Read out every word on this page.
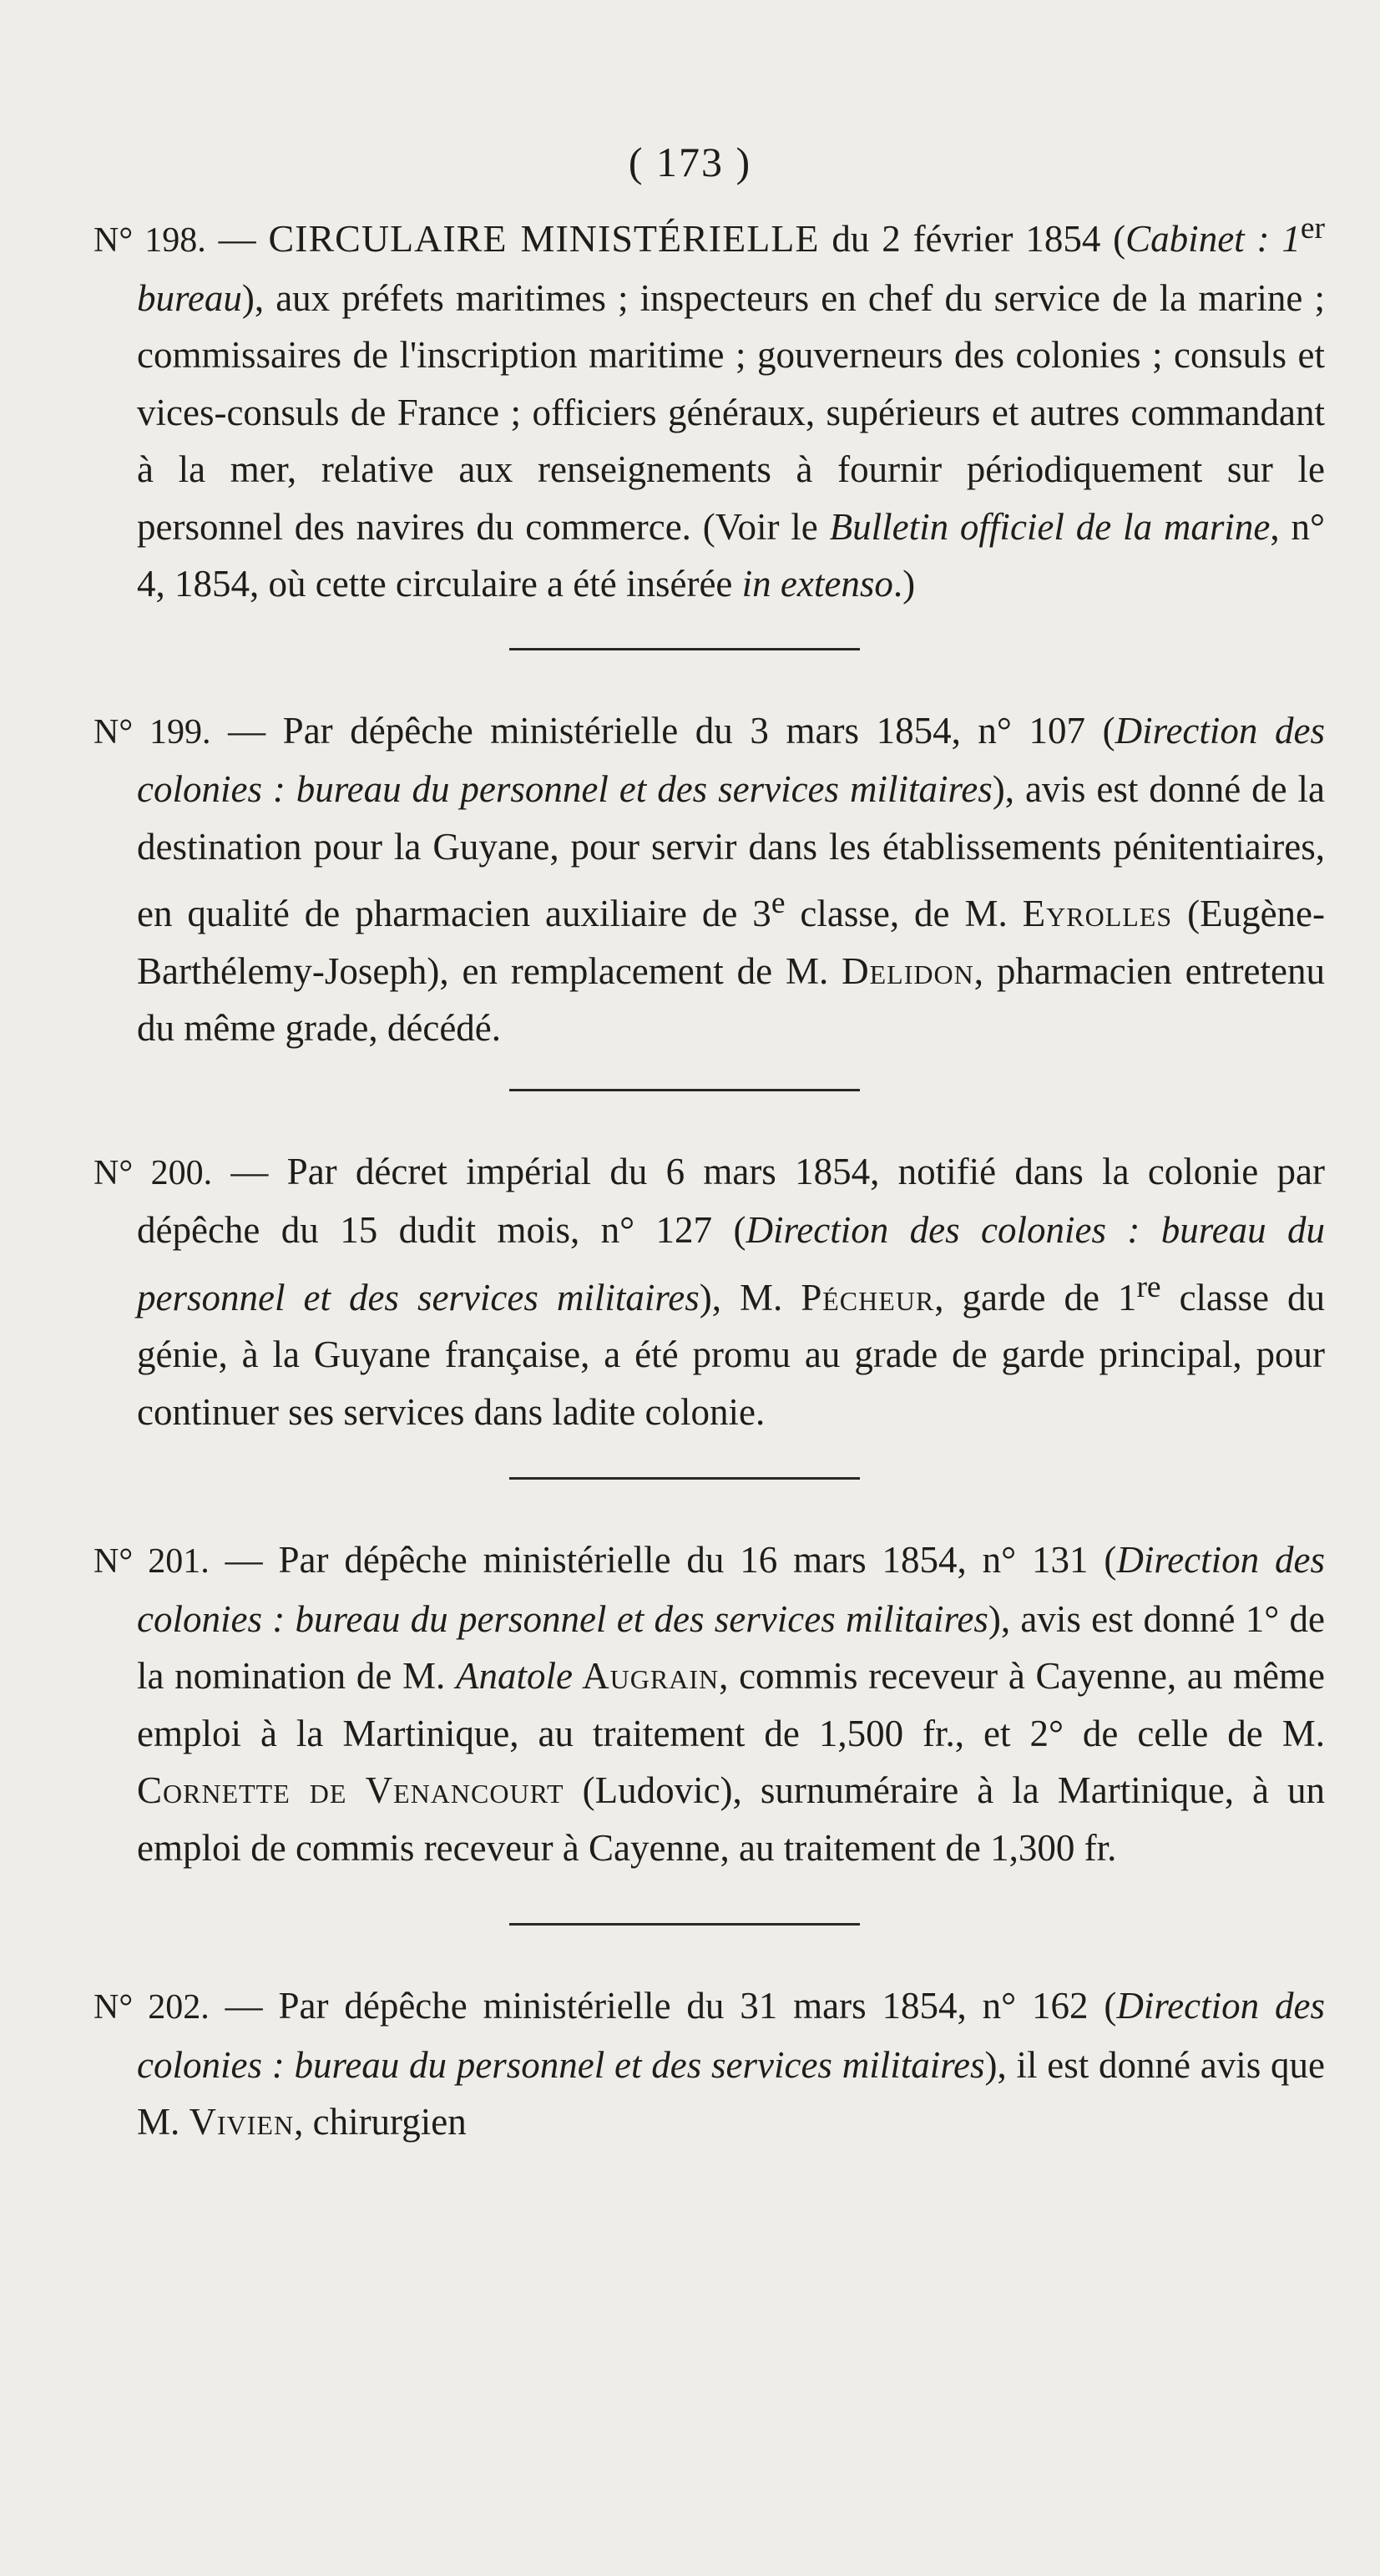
( 173 )

N° 198. — CIRCULAIRE MINISTÉRIELLE du 2 février 1854 (Cabinet : 1er bureau), aux préfets maritimes ; inspecteurs en chef du service de la marine ; commissaires de l'inscription maritime ; gouverneurs des colonies ; consuls et vices-consuls de France ; officiers généraux, supérieurs et autres commandant à la mer, relative aux renseignements à fournir périodiquement sur le personnel des navires du commerce. (Voir le Bulletin officiel de la marine, n° 4, 1854, où cette circulaire a été insérée in extenso.)

N° 199. — Par dépêche ministérielle du 3 mars 1854, n° 107 (Direction des colonies : bureau du personnel et des services militaires), avis est donné de la destination pour la Guyane, pour servir dans les établissements pénitentiaires, en qualité de pharmacien auxiliaire de 3e classe, de M. Eyrolles (Eugène-Barthélemy-Joseph), en remplacement de M. Delidon, pharmacien entretenu du même grade, décédé.

N° 200. — Par décret impérial du 6 mars 1854, notifié dans la colonie par dépêche du 15 dudit mois, n° 127 (Direction des colonies : bureau du personnel et des services militaires), M. Pécheur, garde de 1re classe du génie, à la Guyane française, a été promu au grade de garde principal, pour continuer ses services dans ladite colonie.

N° 201. — Par dépêche ministérielle du 16 mars 1854, n° 131 (Direction des colonies : bureau du personnel et des services militaires), avis est donné 1° de la nomination de M. Anatole Augrain, commis receveur à Cayenne, au même emploi à la Martinique, au traitement de 1,500 fr., et 2° de celle de M. Cornette de Venancourt (Ludovic), surnuméraire à la Martinique, à un emploi de commis receveur à Cayenne, au traitement de 1,300 fr.

N° 202. — Par dépêche ministérielle du 31 mars 1854, n° 162 (Direction des colonies : bureau du personnel et des services militaires), il est donné avis que M. Vivien, chirurgien
